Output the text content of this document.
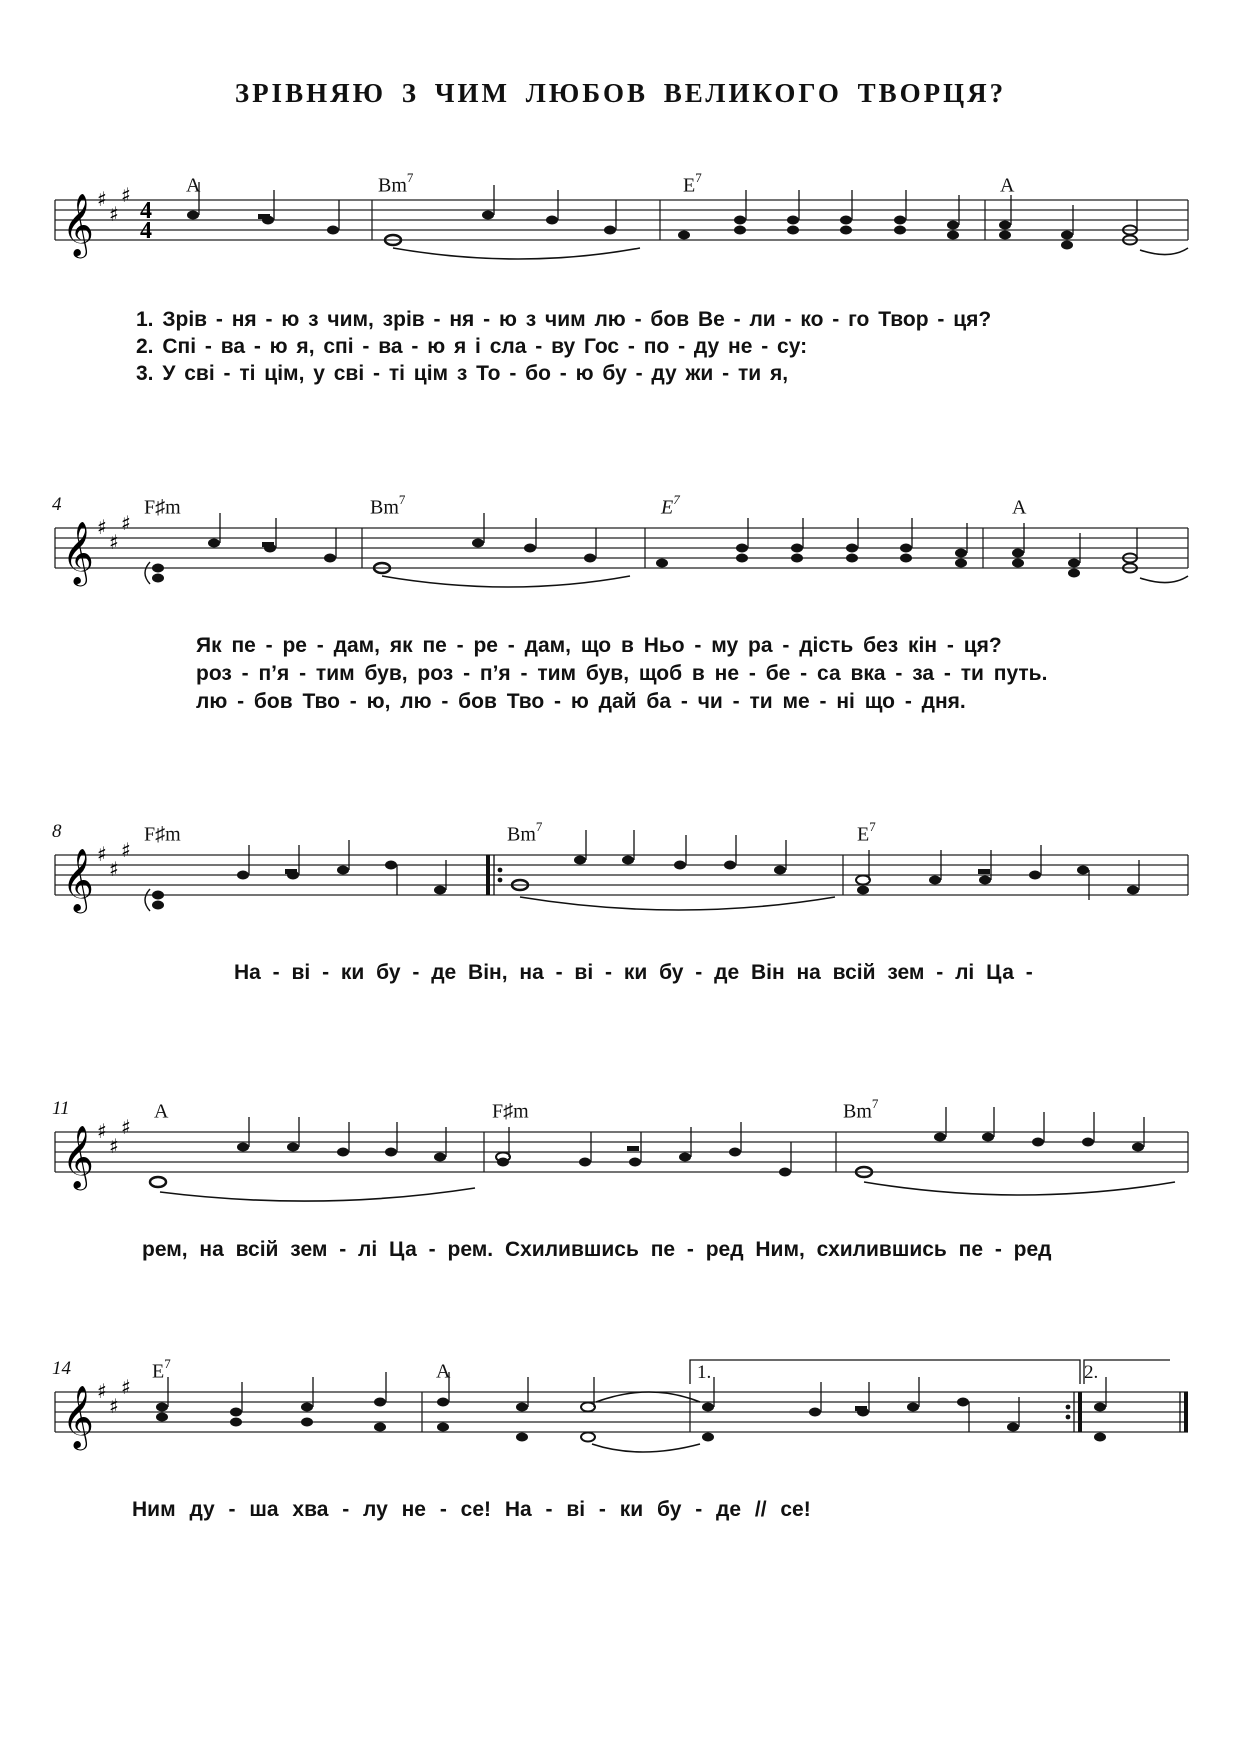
ЗРІВНЯЮ З ЧИМ ЛЮБОВ ВЕЛИКОГО ТВОРЦЯ?
A	Bm$^7$	$E^7$	A
𝄞 ♯
♯
♯
4
4
1. Зрів - ня - ю з чим, зрів - ня - ю з чим лю - бов Ве - ли - ко - го Твор - ця?
2. Спі - ва - ю я, спі - ва - ю я і сла - ву Гос - по - ду не - су:
3. У сві - ті цім, у сві - ті цім з То - бо - ю бу - ду жи - ти я,
4	F♯m	Bm$^7$	$E^7$	A
𝄞 ♯
♯
♯
Як пе - ре - дам, як пе - ре - дам, що в Ньо - му ра - дість без кін - ця?
роз - п’я - тим був, роз - п’я - тим був, щоб в не - бе - са вка - за - ти путь.
лю - бов Тво - ю, лю - бов Тво - ю дай ба - чи - ти ме - ні що - дня.
8	F♯m	Bm$^7$	$E^7$
𝄞 ♯
♯
♯
На - ві - ки бу - де Він, на - ві - ки бу - де Він на всій зем - лі Ца -
11	A	F♯m	Bm$^7$
𝄞 ♯
♯
♯
рем, на всій зем - лі Ца - рем. Схилившись пе - ред Ним, схилившись пе - ред
14	$E^7$	A	1.	2.
𝄞 ♯
♯
♯
Ним ду - ша хва - лу не - се! На - ві - ки бу - де // се!
